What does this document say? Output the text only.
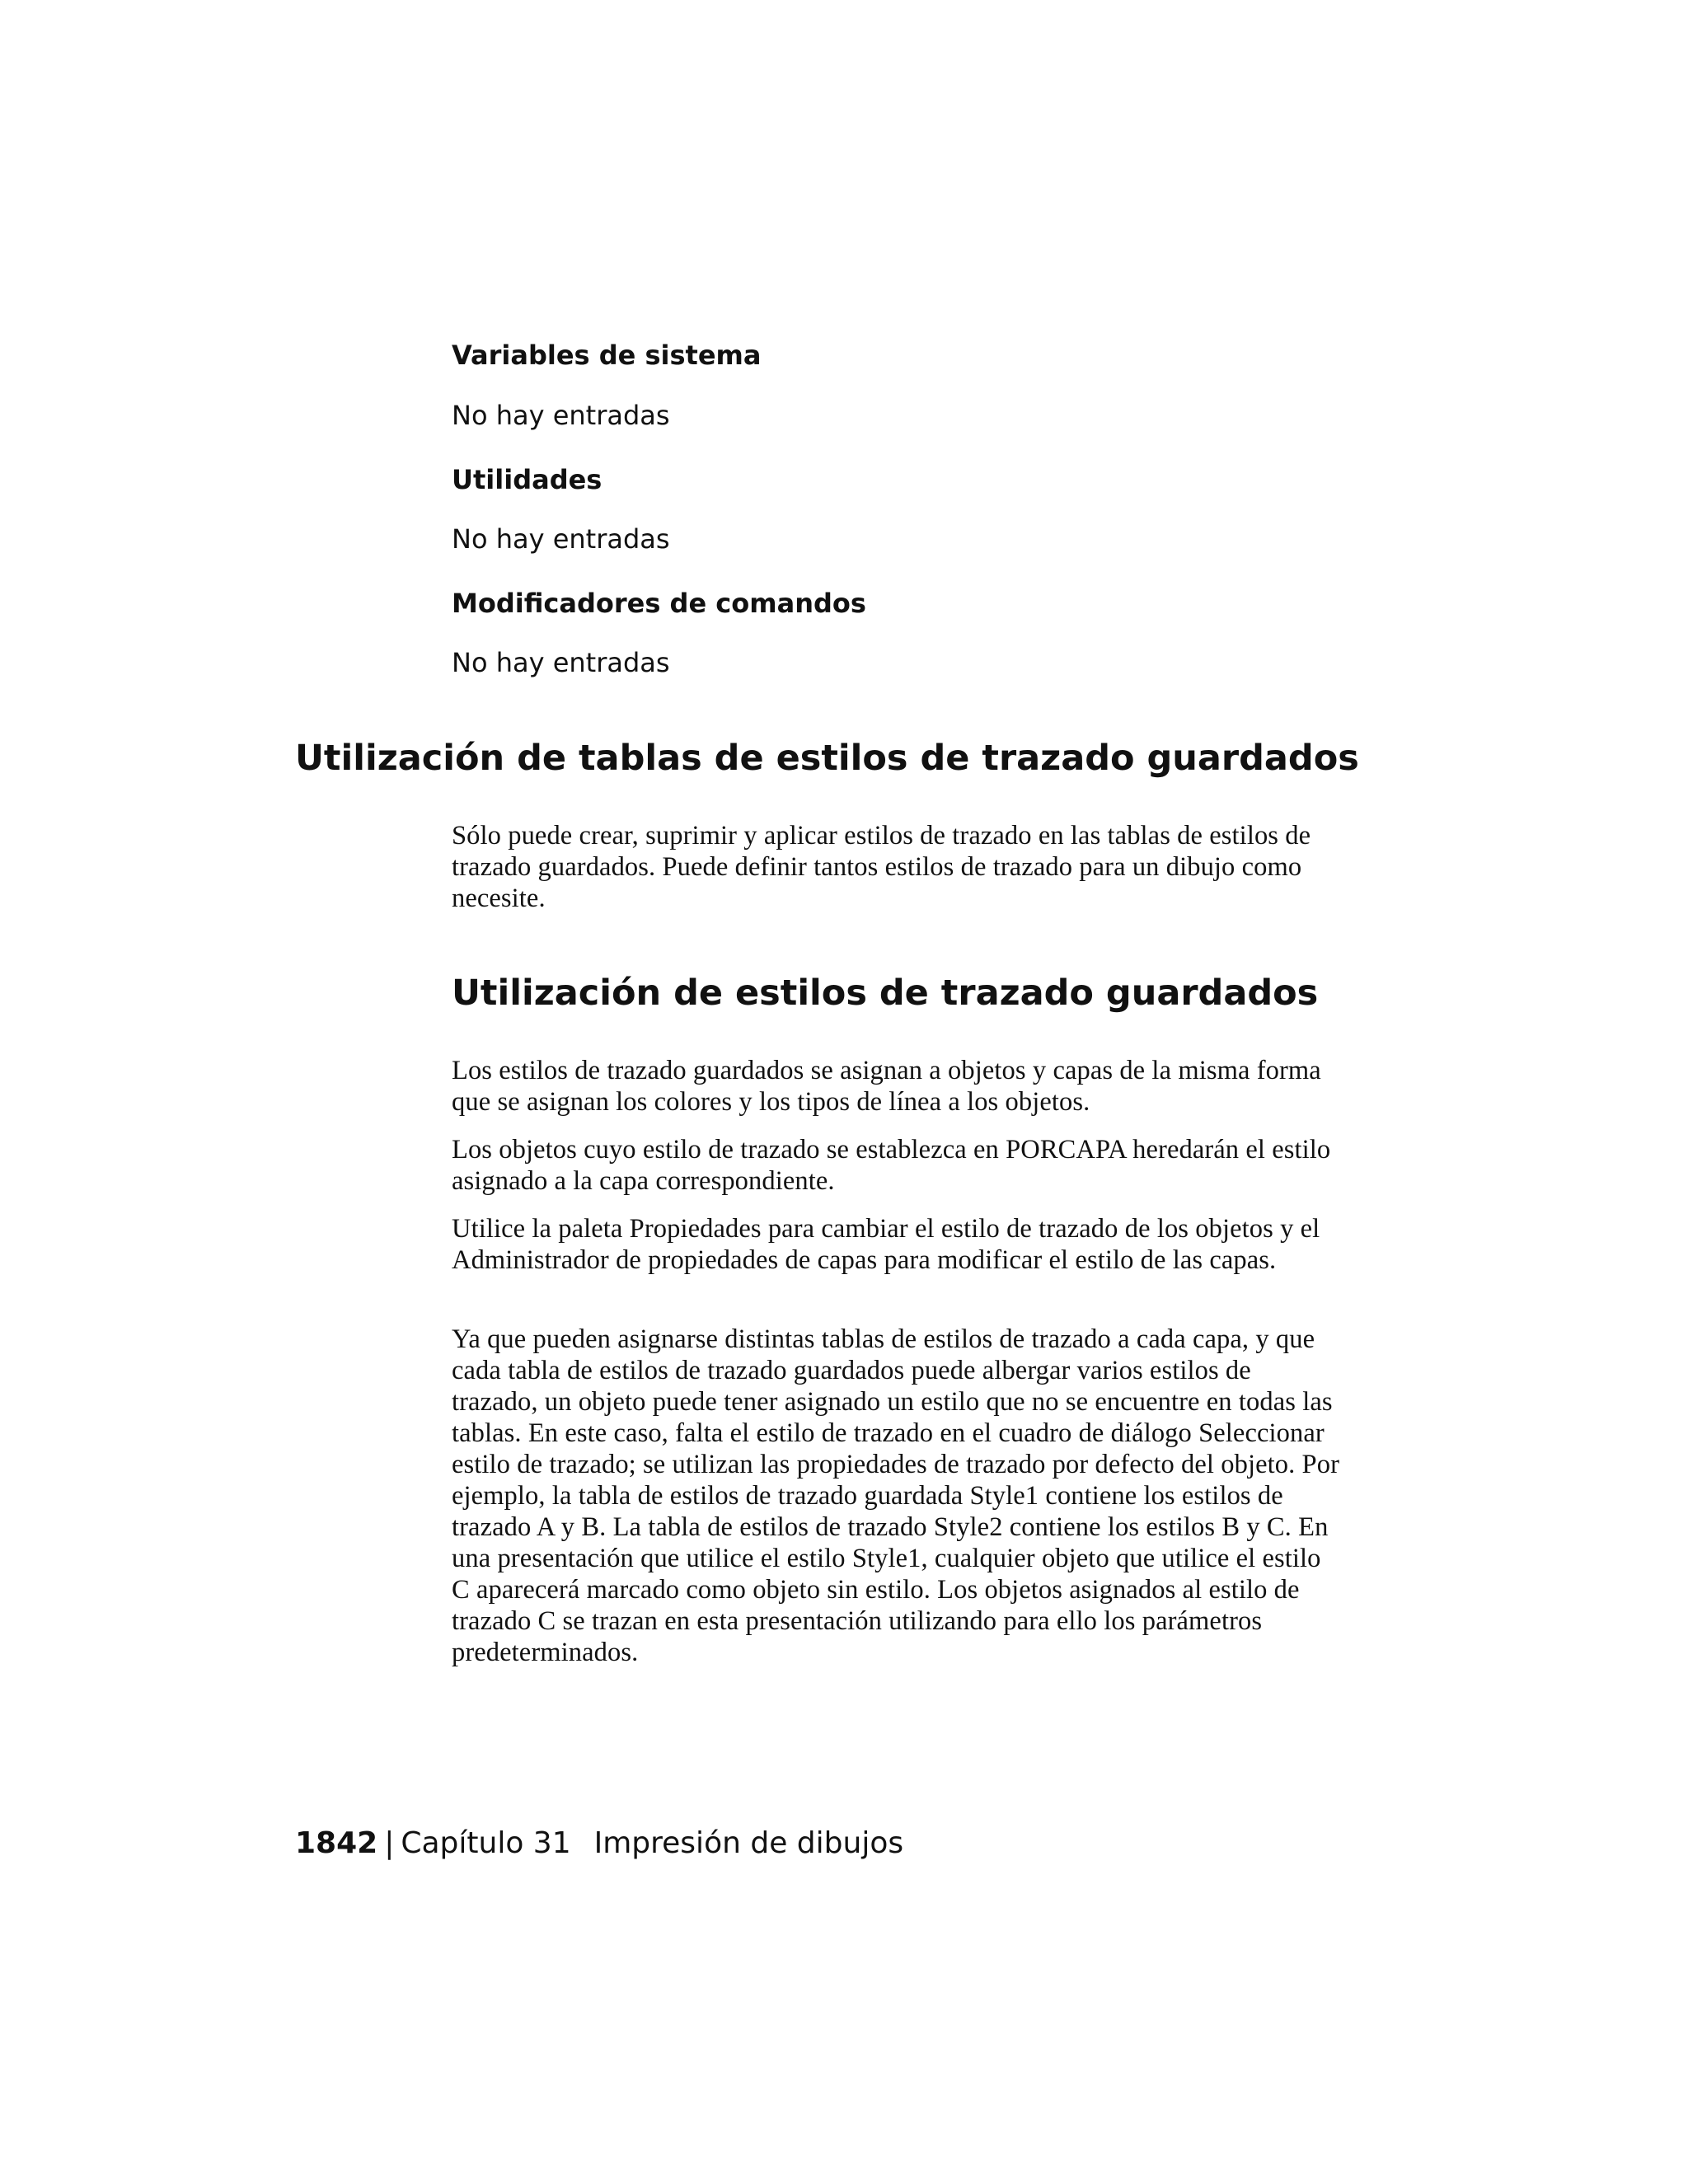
Variables de sistema

No hay entradas

Utilidades

No hay entradas

Modificadores de comandos

No hay entradas

Utilización de tablas de estilos de trazado guardados

Sólo puede crear, suprimir y aplicar estilos de trazado en las tablas de estilos de trazado guardados. Puede definir tantos estilos de trazado para un dibujo como necesite.

Utilización de estilos de trazado guardados

Los estilos de trazado guardados se asignan a objetos y capas de la misma forma que se asignan los colores y los tipos de línea a los objetos.

Los objetos cuyo estilo de trazado se establezca en PORCAPA heredarán el estilo asignado a la capa correspondiente.

Utilice la paleta Propiedades para cambiar el estilo de trazado de los objetos y el Administrador de propiedades de capas para modificar el estilo de las capas.

Ya que pueden asignarse distintas tablas de estilos de trazado a cada capa, y que cada tabla de estilos de trazado guardados puede albergar varios estilos de trazado, un objeto puede tener asignado un estilo que no se encuentre en todas las tablas. En este caso, falta el estilo de trazado en el cuadro de diálogo Seleccionar estilo de trazado; se utilizan las propiedades de trazado por defecto del objeto. Por ejemplo, la tabla de estilos de trazado guardada Style1 contiene los estilos de trazado A y B. La tabla de estilos de trazado Style2 contiene los estilos B y C. En una presentación que utilice el estilo Style1, cualquier objeto que utilice el estilo C aparecerá marcado como objeto sin estilo. Los objetos asignados al estilo de trazado C se trazan en esta presentación utilizando para ello los parámetros predeterminados.

1842 | Capítulo 31 Impresión de dibujos
